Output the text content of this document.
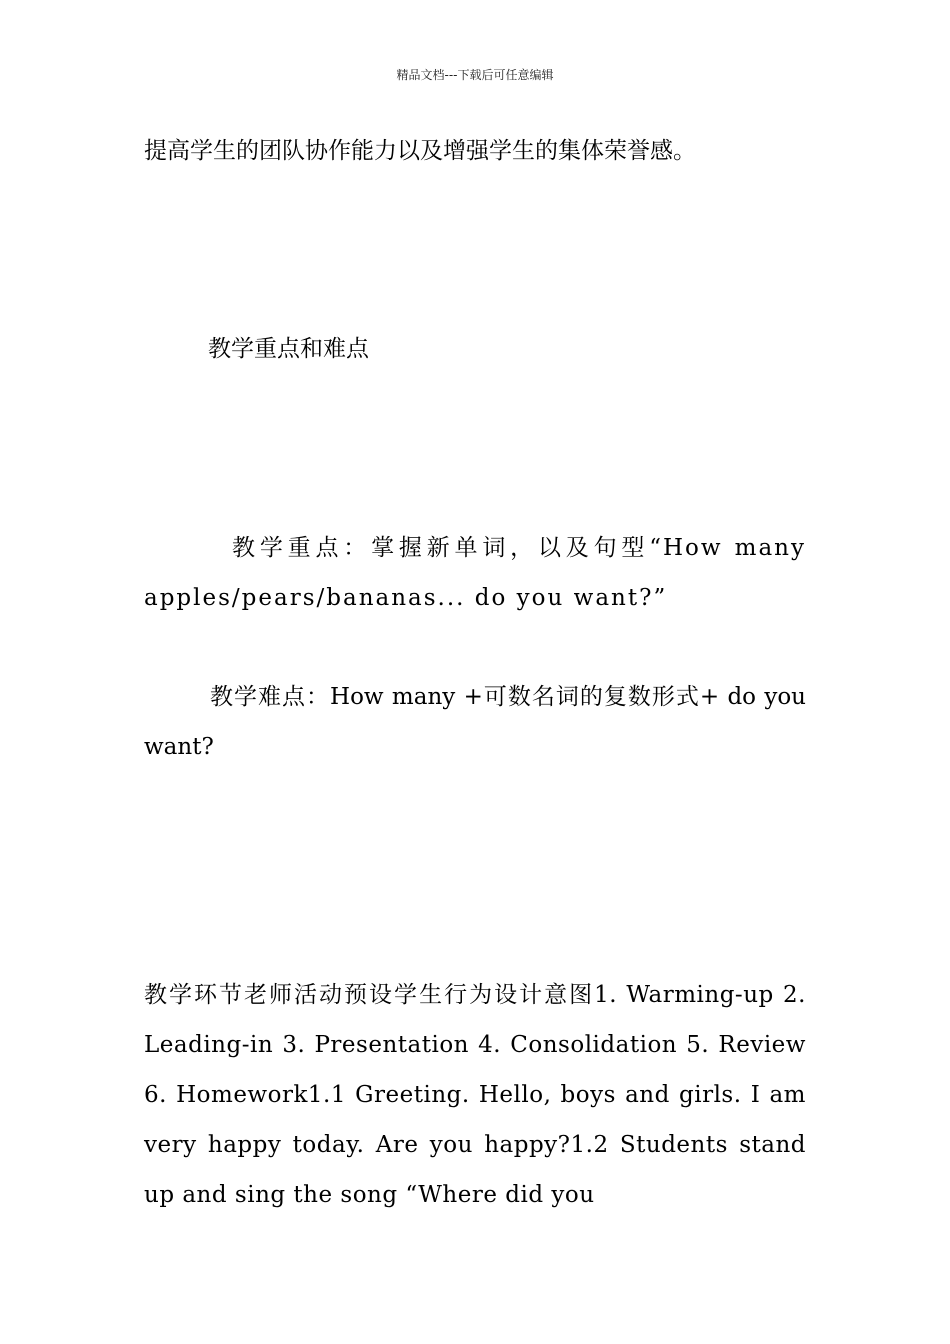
精品文档---下载后可任意编辑
提高学生的团队协作能力以及增强学生的集体荣誉感。
教学重点和难点
教学重点：掌握新单词，以及句型“How many apples/pears/bananas... do you want?”
教学难点：How many +可数名词的复数形式+ do you want?
教学环节老师活动预设学生行为设计意图1. Warming-up 2. Leading-in 3. Presentation 4. Consolidation 5. Review 6. Homework1.1 Greeting. Hello, boys and girls. I am very happy today. Are you happy?1.2 Students stand up and sing the song “Where did you
